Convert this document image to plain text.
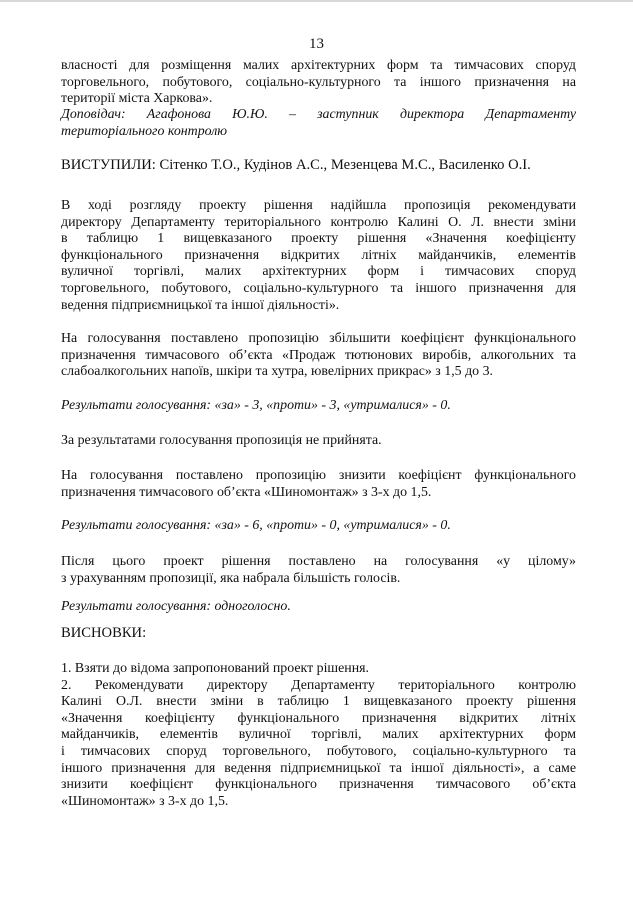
13
власності для розміщення малих архітектурних форм та тимчасових споруд
торговельного, побутового, соціально-культурного та іншого призначення на
території міста Харкова».
Доповідач: Агафонова Ю.Ю. – заступник директора Департаменту
територіального контролю
ВИСТУПИЛИ: Сітенко Т.О., Кудінов А.С., Мезенцева М.С., Василенко О.І.
В ході розгляду проекту рішення надійшла пропозиція рекомендувати
директору Департаменту територіального контролю Калині О. Л. внести зміни
в таблицю 1 вищевказаного проекту рішення «Значення коефіцієнту
функціонального призначення відкритих літніх майданчиків, елементів
вуличної торгівлі, малих архітектурних форм і тимчасових споруд
торговельного, побутового, соціально-культурного та іншого призначення для
ведення підприємницької та іншої діяльності».
На голосування поставлено пропозицію збільшити коефіцієнт функціонального
призначення тимчасового об’єкта «Продаж тютюнових виробів, алкогольних та
слабоалкогольних напоїв, шкіри та хутра, ювелірних прикрас» з 1,5 до 3.
Результати голосування: «за» - 3, «проти» - 3, «утрималися» - 0.
За результатами голосування пропозиція не прийнята.
На голосування поставлено пропозицію знизити коефіцієнт функціонального
призначення тимчасового об’єкта «Шиномонтаж» з 3-х до 1,5.
Результати голосування: «за» - 6, «проти» - 0, «утрималися» - 0.
Після цього проект рішення поставлено на голосування «у цілому»
з урахуванням пропозиції, яка набрала більшість голосів.
Результати голосування: одноголосно.
ВИСНОВКИ:
1. Взяти до відома запропонований проект рішення.
2. Рекомендувати директору Департаменту територіального контролю
Калині О.Л. внести зміни в таблицю 1 вищевказаного проекту рішення
«Значення коефіцієнту функціонального призначення відкритих літніх
майданчиків, елементів вуличної торгівлі, малих архітектурних форм
і тимчасових споруд торговельного, побутового, соціально-культурного та
іншого призначення для ведення підприємницької та іншої діяльності», а саме
знизити коефіцієнт функціонального призначення тимчасового об’єкта
«Шиномонтаж» з 3-х до 1,5.
